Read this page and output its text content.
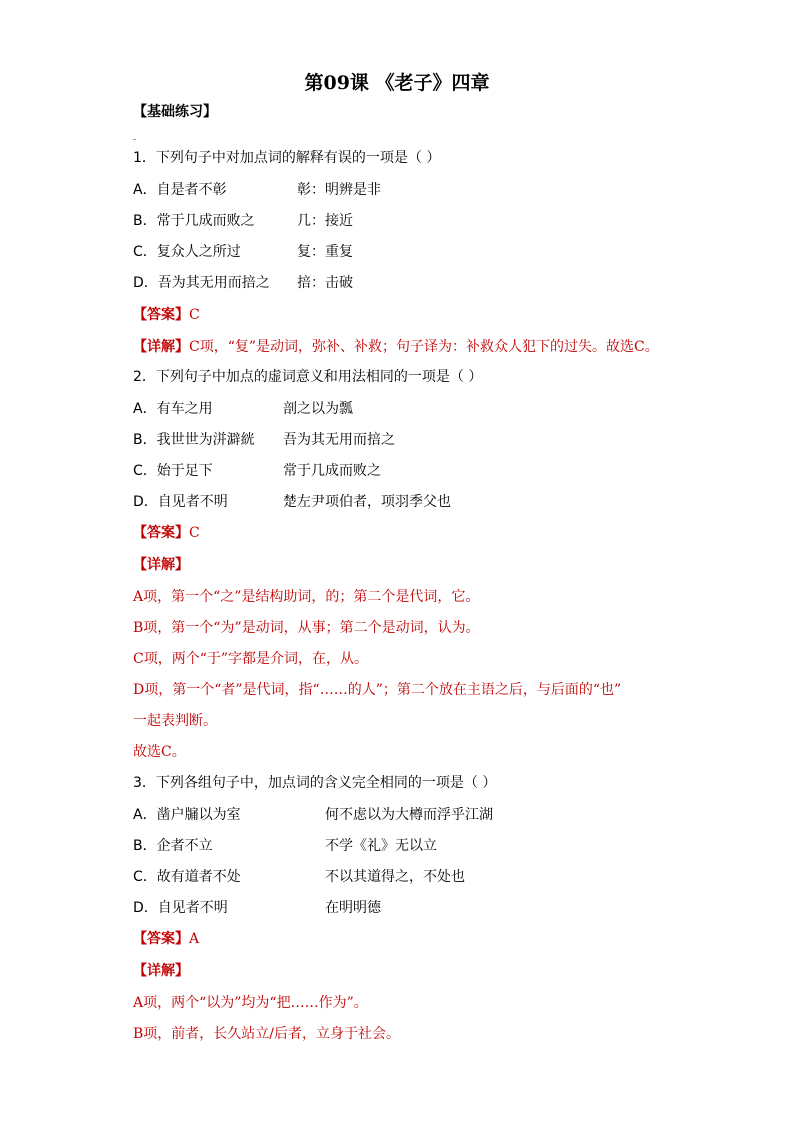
第09课 《老子》四章
【基础练习】
1．下列句子中对加点词的解释有误的一项是（ ）
A．自是者不彰	彰：明辨是非
B．常于几成而败之	几：接近
C．复众人之所过	复：重复
D．吾为其无用而掊之 掊：击破
【答案】C
【详解】C项，“复”是动词，弥补、补救；句子译为：补救众人犯下的过失。故选C。
2．下列句子中加点的虚词意义和用法相同的一项是（ ）
A．有车之用	剖之以为瓢
B．我世世为洴澼絖 吾为其无用而掊之
C．始于足下	常于几成而败之
D．自见者不明	楚左尹项伯者，项羽季父也
【答案】C
【详解】
A项，第一个“之”是结构助词，的；第二个是代词，它。
B项，第一个“为”是动词，从事；第二个是动词，认为。
C项，两个“于”字都是介词，在，从。
D项，第一个“者”是代词，指“……的人”；第二个放在主语之后，与后面的“也”
一起表判断。
故选C。
3．下列各组句子中，加点词的含义完全相同的一项是（ ）
A．凿户牖以为室	何不虑以为大樽而浮乎江湖
B．企者不立	不学《礼》无以立
C．故有道者不处	不以其道得之，不处也
D．自见者不明	在明明德
【答案】A
【详解】
A项，两个“以为”均为“把……作为”。
B项，前者，长久站立/后者，立身于社会。
